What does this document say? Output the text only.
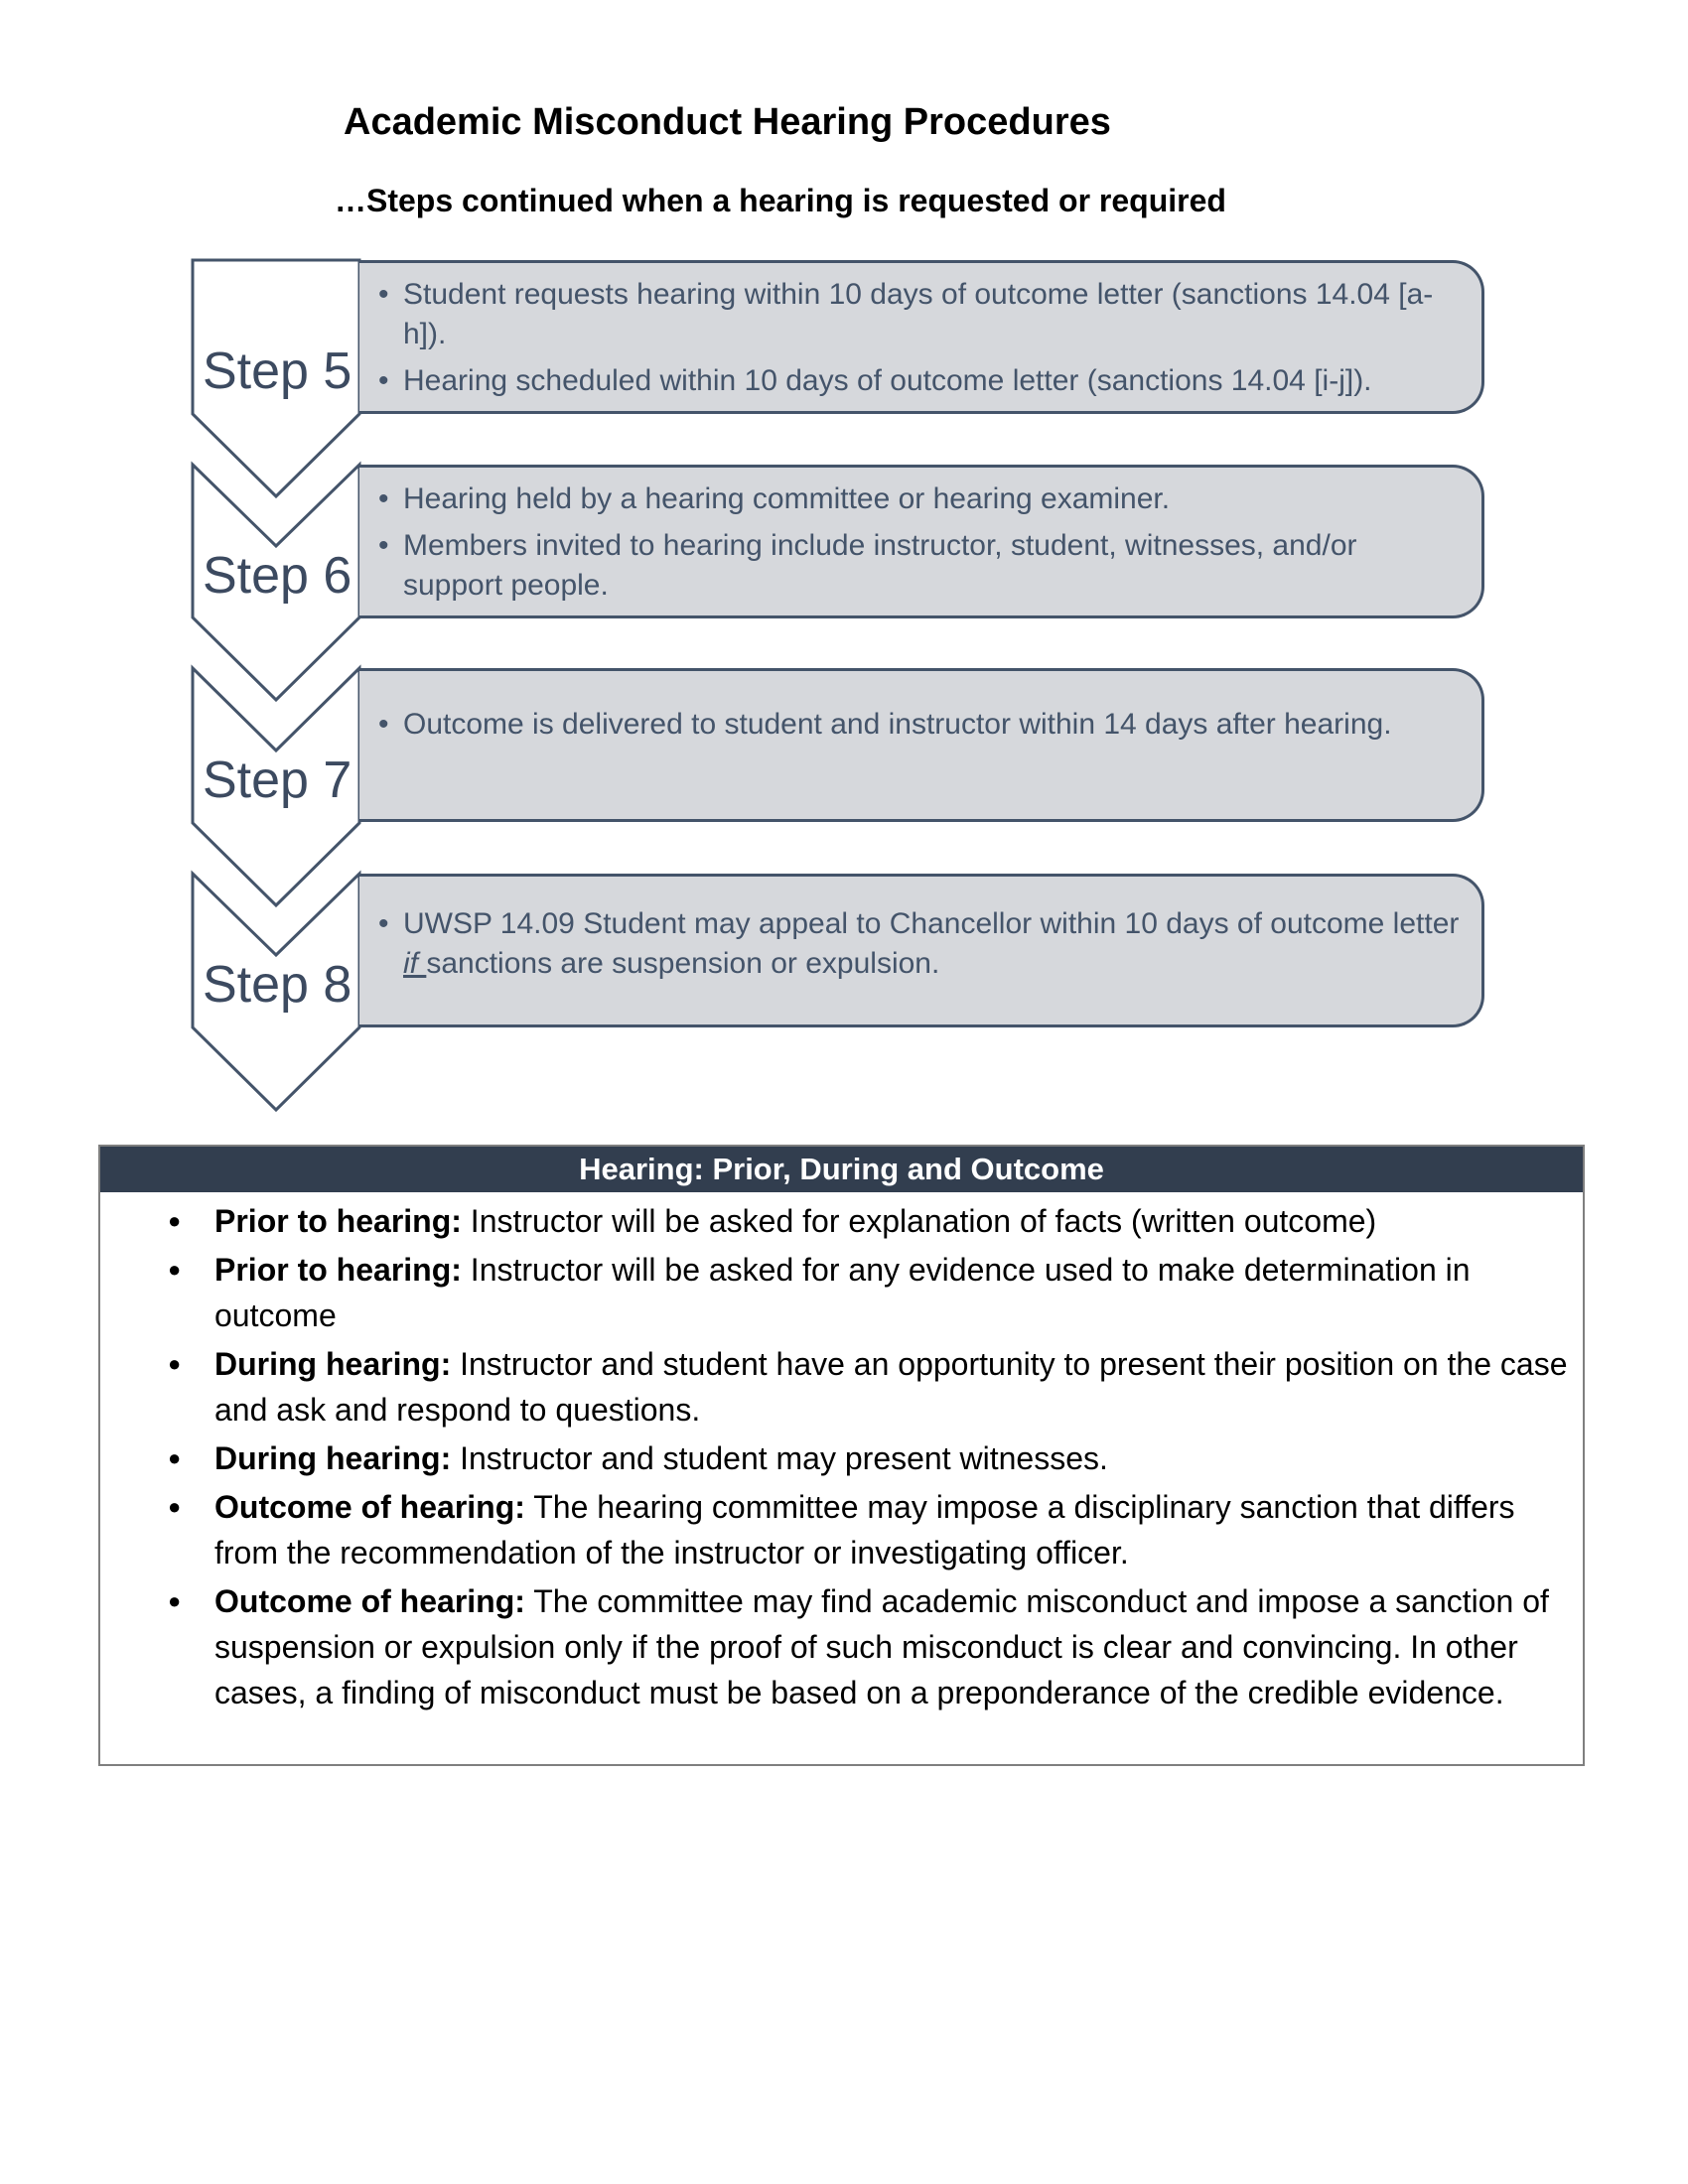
Academic Misconduct Hearing Procedures
…Steps continued when a hearing is requested or required
• Student requests hearing within 10 days of outcome letter (sanctions 14.04 [a-h]).
• Hearing scheduled within 10 days of outcome letter (sanctions 14.04 [i-j]).
Step 5
• Hearing held by a hearing committee or hearing examiner.
• Members invited to hearing include instructor, student, witnesses, and/or support people.
Step 6
• Outcome is delivered to student and instructor within 14 days after hearing.
Step 7
• UWSP 14.09 Student may appeal to Chancellor within 10 days of outcome letter if sanctions are suspension or expulsion.
Step 8
Hearing: Prior, During and Outcome
● Prior to hearing: Instructor will be asked for explanation of facts (written outcome)
● Prior to hearing: Instructor will be asked for any evidence used to make determination in outcome
● During hearing: Instructor and student have an opportunity to present their position on the case and ask and respond to questions.
● During hearing: Instructor and student may present witnesses.
● Outcome of hearing: The hearing committee may impose a disciplinary sanction that differs from the recommendation of the instructor or investigating officer.
● Outcome of hearing: The committee may find academic misconduct and impose a sanction of suspension or expulsion only if the proof of such misconduct is clear and convincing. In other cases, a finding of misconduct must be based on a preponderance of the credible evidence.
